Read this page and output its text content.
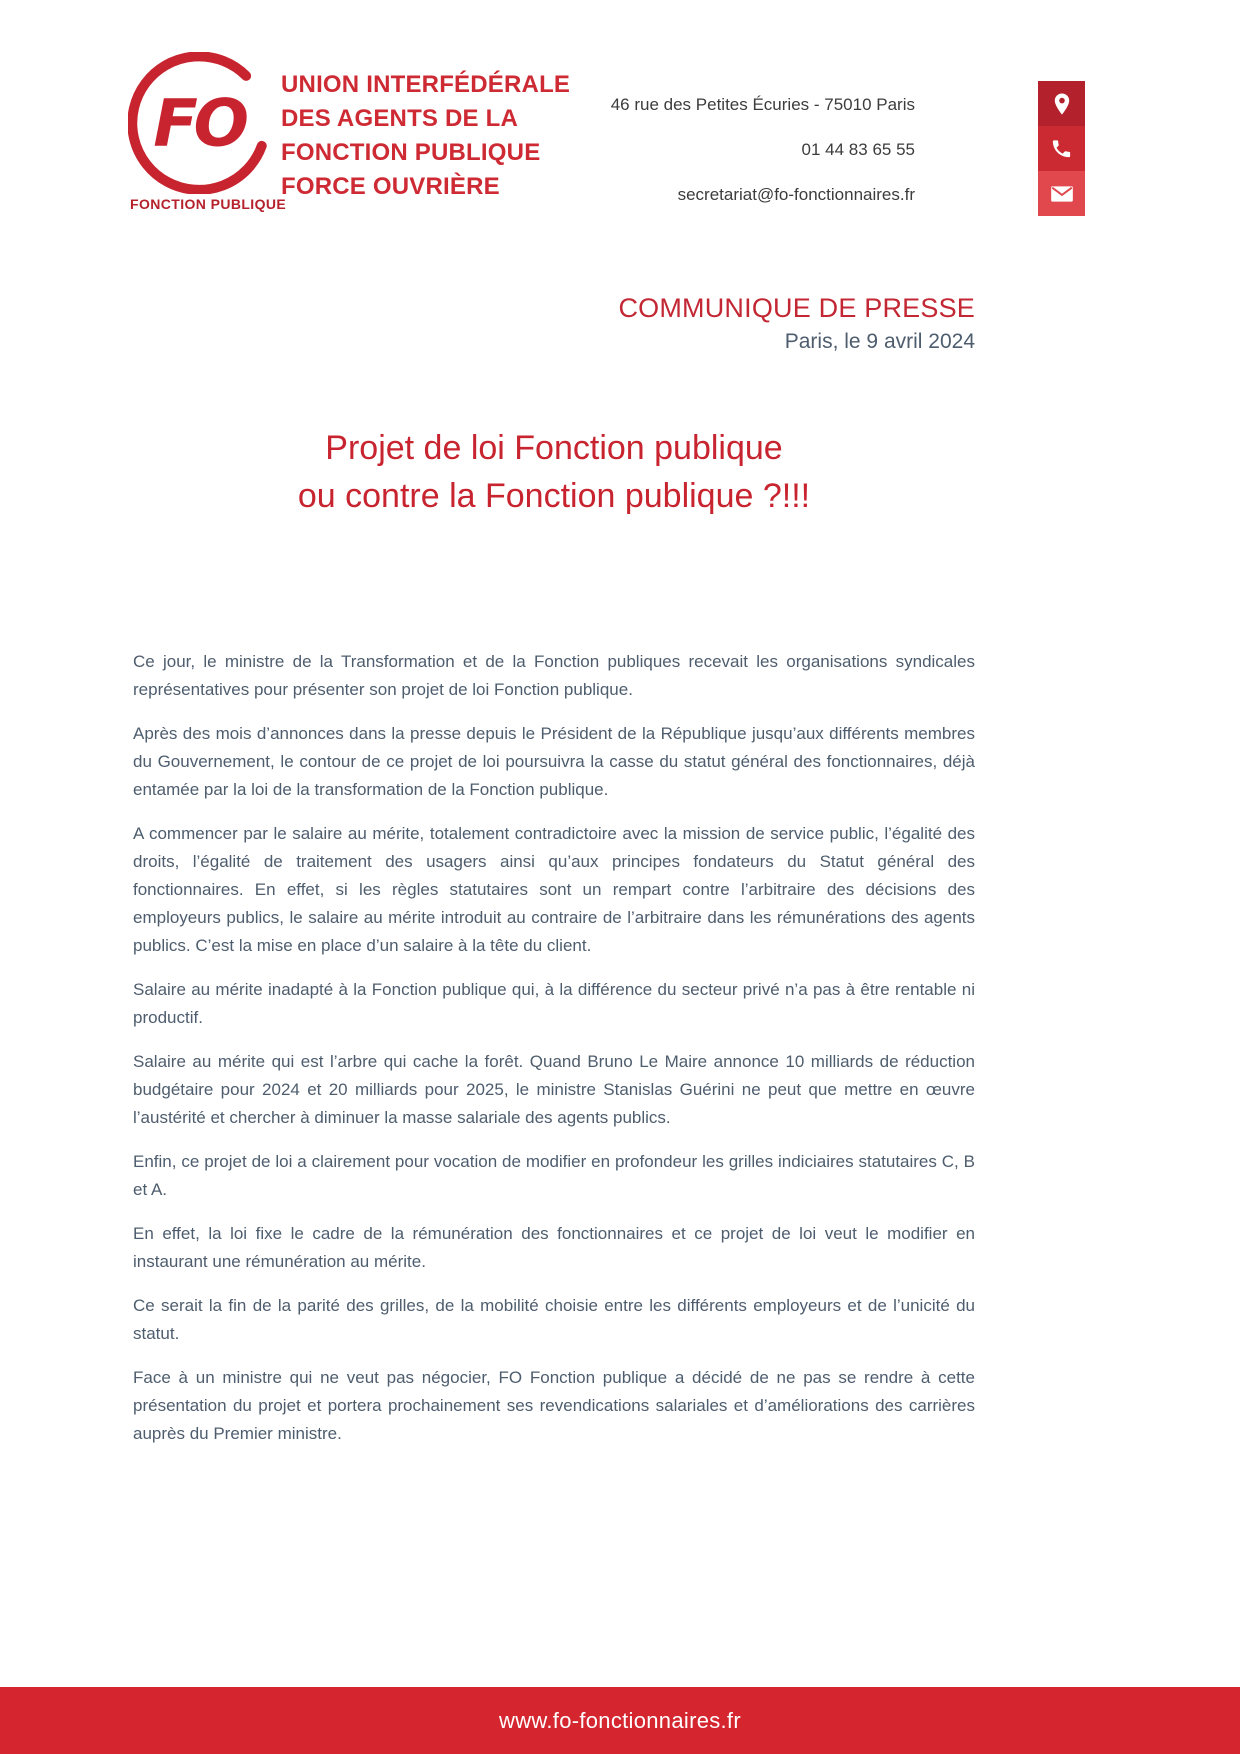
FO
FONCTION PUBLIQUE
UNION INTERFÉDÉRALE
DES AGENTS DE LA
FONCTION PUBLIQUE
FORCE OUVRIÈRE
46 rue des Petites Écuries - 75010 Paris
01 44 83 65 55
secretariat@fo-fonctionnaires.fr
COMMUNIQUE DE PRESSE
Paris, le 9 avril 2024
Projet de loi Fonction publique
ou contre la Fonction publique ?!!!

Ce jour, le ministre de la Transformation et de la Fonction publiques recevait les organisations syndicales représentatives pour présenter son projet de loi Fonction publique.

Après des mois d’annonces dans la presse depuis le Président de la République jusqu’aux différents membres du Gouvernement, le contour de ce projet de loi poursuivra la casse du statut général des fonctionnaires, déjà entamée par la loi de la transformation de la Fonction publique.

A commencer par le salaire au mérite, totalement contradictoire avec la mission de service public, l’égalité des droits, l’égalité de traitement des usagers ainsi qu’aux principes fondateurs du Statut général des fonctionnaires. En effet, si les règles statutaires sont un rempart contre l’arbitraire des décisions des employeurs publics, le salaire au mérite introduit au contraire de l’arbitraire dans les rémunérations des agents publics. C’est la mise en place d’un salaire à la tête du client.

Salaire au mérite inadapté à la Fonction publique qui, à la différence du secteur privé n’a pas à être rentable ni productif.

Salaire au mérite qui est l’arbre qui cache la forêt. Quand Bruno Le Maire annonce 10 milliards de réduction budgétaire pour 2024 et 20 milliards pour 2025, le ministre Stanislas Guérini ne peut que mettre en œuvre l’austérité et chercher à diminuer la masse salariale des agents publics.

Enfin, ce projet de loi a clairement pour vocation de modifier en profondeur les grilles indiciaires statutaires C, B et A.

En effet, la loi fixe le cadre de la rémunération des fonctionnaires et ce projet de loi veut le modifier en instaurant une rémunération au mérite.

Ce serait la fin de la parité des grilles, de la mobilité choisie entre les différents employeurs et de l’unicité du statut.

Face à un ministre qui ne veut pas négocier, FO Fonction publique a décidé de ne pas se rendre à cette présentation du projet et portera prochainement ses revendications salariales et d’améliorations des carrières auprès du Premier ministre.

www.fo-fonctionnaires.fr
